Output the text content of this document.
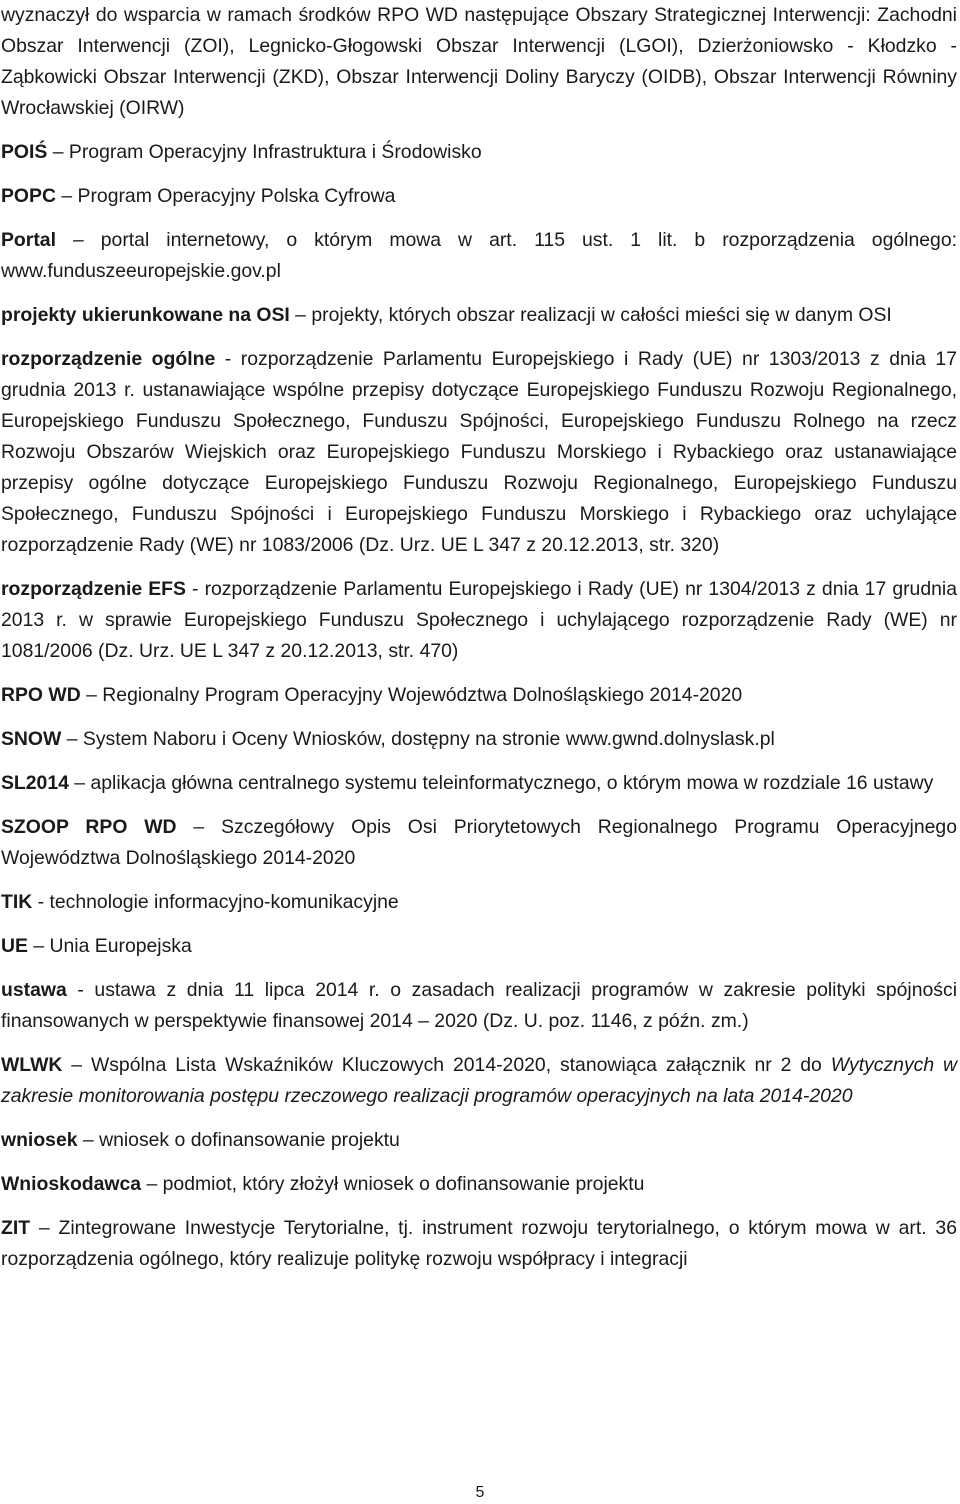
wyznaczył do wsparcia w ramach środków RPO WD następujące Obszary Strategicznej Interwencji: Zachodni Obszar Interwencji (ZOI), Legnicko-Głogowski Obszar Interwencji (LGOI), Dzierżoniowsko - Kłodzko - Ząbkowicki Obszar Interwencji (ZKD), Obszar Interwencji Doliny Baryczy (OIDB), Obszar Interwencji Równiny Wrocławskiej (OIRW)

POIŚ – Program Operacyjny Infrastruktura i Środowisko

POPC – Program Operacyjny Polska Cyfrowa

Portal – portal internetowy, o którym mowa w art. 115 ust. 1 lit. b rozporządzenia ogólnego: www.funduszeeuropejskie.gov.pl

projekty ukierunkowane na OSI – projekty, których obszar realizacji w całości mieści się w danym OSI

rozporządzenie ogólne - rozporządzenie Parlamentu Europejskiego i Rady (UE) nr 1303/2013 z dnia 17 grudnia 2013 r. ustanawiające wspólne przepisy dotyczące Europejskiego Funduszu Rozwoju Regionalnego, Europejskiego Funduszu Społecznego, Funduszu Spójności, Europejskiego Funduszu Rolnego na rzecz Rozwoju Obszarów Wiejskich oraz Europejskiego Funduszu Morskiego i Rybackiego oraz ustanawiające przepisy ogólne dotyczące Europejskiego Funduszu Rozwoju Regionalnego, Europejskiego Funduszu Społecznego, Funduszu Spójności i Europejskiego Funduszu Morskiego i Rybackiego oraz uchylające rozporządzenie Rady (WE) nr 1083/2006 (Dz. Urz. UE L 347 z 20.12.2013, str. 320)

rozporządzenie EFS - rozporządzenie Parlamentu Europejskiego i Rady (UE) nr 1304/2013 z dnia 17 grudnia 2013 r. w sprawie Europejskiego Funduszu Społecznego i uchylającego rozporządzenie Rady (WE) nr 1081/2006 (Dz. Urz. UE L 347 z 20.12.2013, str. 470)

RPO WD – Regionalny Program Operacyjny Województwa Dolnośląskiego 2014-2020

SNOW – System Naboru i Oceny Wniosków, dostępny na stronie www.gwnd.dolnyslask.pl

SL2014 – aplikacja główna centralnego systemu teleinformatycznego, o którym mowa w rozdziale 16 ustawy

SZOOP RPO WD – Szczegółowy Opis Osi Priorytetowych Regionalnego Programu Operacyjnego Województwa Dolnośląskiego 2014-2020

TIK - technologie informacyjno-komunikacyjne

UE – Unia Europejska

ustawa - ustawa z dnia 11 lipca 2014 r. o zasadach realizacji programów w zakresie polityki spójności finansowanych w perspektywie finansowej 2014 – 2020 (Dz. U. poz. 1146, z późn. zm.)

WLWK – Wspólna Lista Wskaźników Kluczowych 2014-2020, stanowiąca załącznik nr 2 do Wytycznych w zakresie monitorowania postępu rzeczowego realizacji programów operacyjnych na lata 2014-2020

wniosek – wniosek o dofinansowanie projektu

Wnioskodawca – podmiot, który złożył wniosek o dofinansowanie projektu

ZIT – Zintegrowane Inwestycje Terytorialne, tj. instrument rozwoju terytorialnego, o którym mowa w art. 36 rozporządzenia ogólnego, który realizuje politykę rozwoju współpracy i integracji

5
